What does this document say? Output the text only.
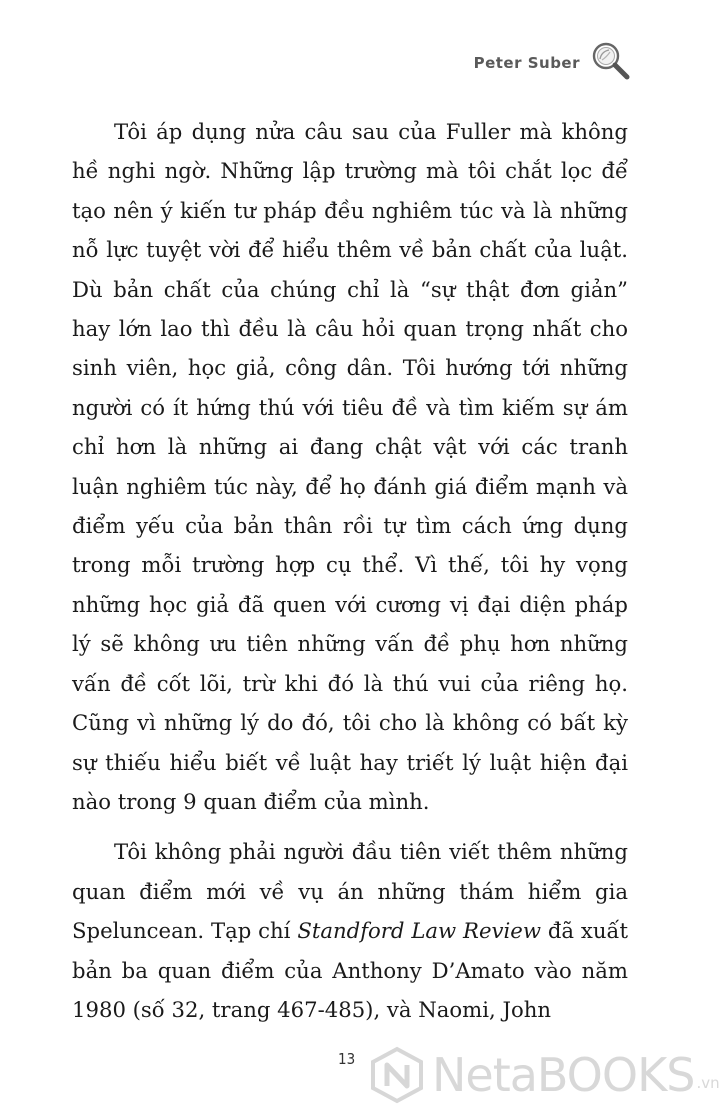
Peter Suber

Tôi áp dụng nửa câu sau của Fuller mà không hề nghi ngờ. Những lập trường mà tôi chắt lọc để tạo nên ý kiến tư pháp đều nghiêm túc và là những nỗ lực tuyệt vời để hiểu thêm về bản chất của luật. Dù bản chất của chúng chỉ là “sự thật đơn giản” hay lớn lao thì đều là câu hỏi quan trọng nhất cho sinh viên, học giả, công dân. Tôi hướng tới những người có ít hứng thú với tiêu đề và tìm kiếm sự ám chỉ hơn là những ai đang chật vật với các tranh luận nghiêm túc này, để họ đánh giá điểm mạnh và điểm yếu của bản thân rồi tự tìm cách ứng dụng trong mỗi trường hợp cụ thể. Vì thế, tôi hy vọng những học giả đã quen với cương vị đại diện pháp lý sẽ không ưu tiên những vấn đề phụ hơn những vấn đề cốt lõi, trừ khi đó là thú vui của riêng họ. Cũng vì những lý do đó, tôi cho là không có bất kỳ sự thiếu hiểu biết về luật hay triết lý luật hiện đại nào trong 9 quan điểm của mình.

Tôi không phải người đầu tiên viết thêm những quan điểm mới về vụ án những thám hiểm gia Speluncean. Tạp chí Standford Law Review đã xuất bản ba quan điểm của Anthony D’Amato vào năm 1980 (số 32, trang 467-485), và Naomi, John

13 NetaBOOKS .vn
